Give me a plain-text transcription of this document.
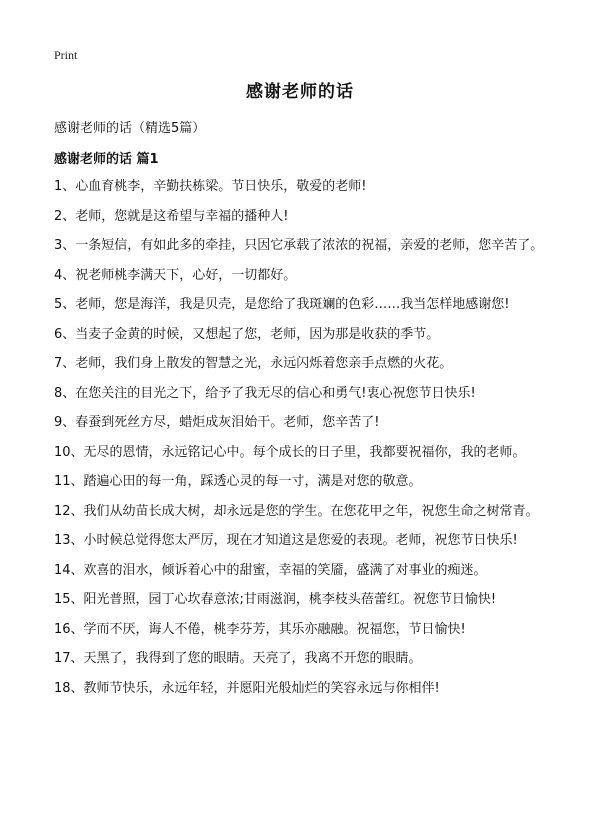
Print
感谢老师的话
感谢老师的话（精选5篇）
感谢老师的话 篇1
1、心血育桃李，辛勤扶栋梁。节日快乐，敬爱的老师!
2、老师，您就是这希望与幸福的播种人!
3、一条短信，有如此多的牵挂，只因它承载了浓浓的祝福，亲爱的老师，您辛苦了。
4、祝老师桃李满天下，心好，一切都好。
5、老师，您是海洋，我是贝壳，是您给了我斑斓的色彩……我当怎样地感谢您!
6、当麦子金黄的时候，又想起了您，老师，因为那是收获的季节。
7、老师，我们身上散发的智慧之光，永远闪烁着您亲手点燃的火花。
8、在您关注的目光之下，给予了我无尽的信心和勇气!衷心祝您节日快乐!
9、春蚕到死丝方尽，蜡炬成灰泪始干。老师，您辛苦了!
10、无尽的恩情，永远铭记心中。每个成长的日子里，我都要祝福你，我的老师。
11、踏遍心田的每一角，踩透心灵的每一寸，满是对您的敬意。
12、我们从幼苗长成大树，却永远是您的学生。在您花甲之年，祝您生命之树常青。
13、小时候总觉得您太严厉，现在才知道这是您爱的表现。老师，祝您节日快乐!
14、欢喜的泪水，倾诉着心中的甜蜜，幸福的笑靥，盛满了对事业的痴迷。
15、阳光普照，园丁心坎春意浓;甘雨滋润，桃李枝头蓓蕾红。祝您节日愉快!
16、学而不厌，诲人不倦，桃李芬芳，其乐亦融融。祝福您，节日愉快!
17、天黑了，我得到了您的眼睛。天亮了，我离不开您的眼睛。
18、教师节快乐，永远年轻，并愿阳光般灿烂的笑容永远与你相伴!
